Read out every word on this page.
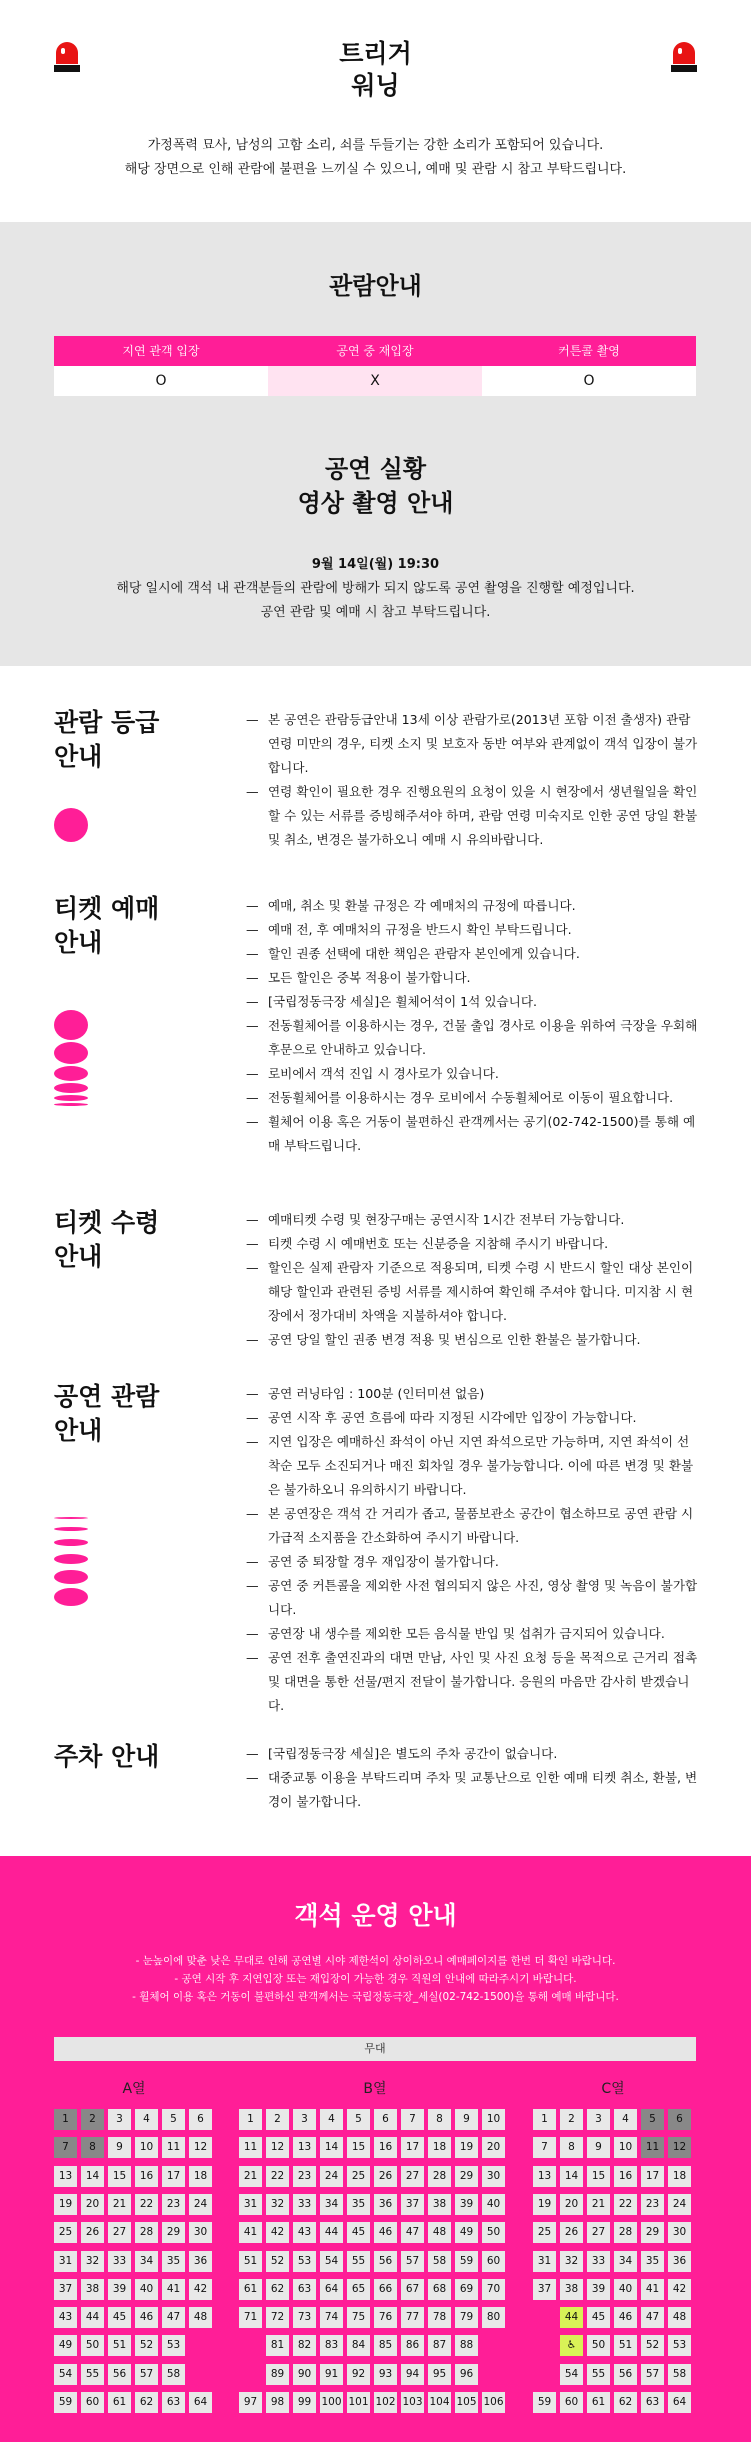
트리거
워닝
가정폭력 묘사, 남성의 고함 소리, 쇠를 두들기는 강한 소리가 포함되어 있습니다.
해당 장면으로 인해 관람에 불편을 느끼실 수 있으니, 예매 및 관람 시 참고 부탁드립니다.
관람안내
지연 관객 입장	공연 중 재입장	커튼콜 촬영
O	X	O
공연 실황
영상 촬영 안내
9월 14일(월) 19:30
해당 일시에 객석 내 관객분들의 관람에 방해가 되지 않도록 공연 촬영을 진행할 예정입니다.
공연 관람 및 예매 시 참고 부탁드립니다.
관람 등급
안내
— 본 공연은 관람등급안내 13세 이상 관람가로(2013년 포함 이전 출생자) 관람 연령 미만의 경우, 티켓 소지 및 보호자 동반 여부와 관계없이 객석 입장이 불가합니다.
— 연령 확인이 필요한 경우 진행요원의 요청이 있을 시 현장에서 생년월일을 확인할 수 있는 서류를 증빙해주셔야 하며, 관람 연령 미숙지로 인한 공연 당일 환불 및 취소, 변경은 불가하오니 예매 시 유의바랍니다.
티켓 예매
안내
— 예매, 취소 및 환불 규정은 각 예매처의 규정에 따릅니다.
— 예매 전, 후 예매처의 규정을 반드시 확인 부탁드립니다.
— 할인 권종 선택에 대한 책임은 관람자 본인에게 있습니다.
— 모든 할인은 중복 적용이 불가합니다.
— [국립정동극장 세실]은 휠체어석이 1석 있습니다.
— 전동휠체어를 이용하시는 경우, 건물 출입 경사로 이용을 위하여 극장을 우회해 후문으로 안내하고 있습니다.
— 로비에서 객석 진입 시 경사로가 있습니다.
— 전동휠체어를 이용하시는 경우 로비에서 수동휠체어로 이동이 필요합니다.
— 휠체어 이용 혹은 거동이 불편하신 관객께서는 공기(02-742-1500)를 통해 예매 부탁드립니다.
티켓 수령
안내
— 예매티켓 수령 및 현장구매는 공연시작 1시간 전부터 가능합니다.
— 티켓 수령 시 예매번호 또는 신분증을 지참해 주시기 바랍니다.
— 할인은 실제 관람자 기준으로 적용되며, 티켓 수령 시 반드시 할인 대상 본인이 해당 할인과 관련된 증빙 서류를 제시하여 확인해 주셔야 합니다. 미지참 시 현장에서 정가대비 차액을 지불하셔야 합니다.
— 공연 당일 할인 권종 변경 적용 및 변심으로 인한 환불은 불가합니다.
공연 관람
안내
— 공연 러닝타임 : 100분 (인터미션 없음)
— 공연 시작 후 공연 흐름에 따라 지정된 시각에만 입장이 가능합니다.
— 지연 입장은 예매하신 좌석이 아닌 지연 좌석으로만 가능하며, 지연 좌석이 선착순 모두 소진되거나 매진 회차일 경우 불가능합니다. 이에 따른 변경 및 환불은 불가하오니 유의하시기 바랍니다.
— 본 공연장은 객석 간 거리가 좁고, 물품보관소 공간이 협소하므로 공연 관람 시 가급적 소지품을 간소화하여 주시기 바랍니다.
— 공연 중 퇴장할 경우 재입장이 불가합니다.
— 공연 중 커튼콜을 제외한 사전 협의되지 않은 사진, 영상 촬영 및 녹음이 불가합니다.
— 공연장 내 생수를 제외한 모든 음식물 반입 및 섭취가 금지되어 있습니다.
— 공연 전후 출연진과의 대면 만남, 사인 및 사진 요청 등을 목적으로 근거리 접촉 및 대면을 통한 선물/편지 전달이 불가합니다. 응원의 마음만 감사히 받겠습니다.
주차 안내
—	[국립정동극장 세실]은 별도의 주차 공간이 없습니다.
— 대중교통 이용을 부탁드리며 주차 및 교통난으로 인한 예매 티켓 취소, 환불, 변경이 불가합니다.
객석 운영 안내
- 눈높이에 맞춘 낮은 무대로 인해 공연별 시야 제한석이 상이하오니 예매페이지를 한번 더 확인 바랍니다.
- 공연 시작 후 지연입장 또는 재입장이 가능한 경우 직원의 안내에 따라주시기 바랍니다.
- 휠체어 이용 혹은 거동이 불편하신 관객께서는 국립정동극장_세실(02-742-1500)을 통해 예매 바랍니다.
무대
A열	B열	C열
1	2	3	4	5	6
7	8	9	10	11	12
13	14	15	16	17	18
19	20	21	22	23	24
25	26	27	28	29	30
31	32	33	34	35	36
37	38	39	40	41	42
43	44	45	46	47	48
49	50	51	52	53
54	55	56	57	58
59	60	61	62	63	64
1	2	3	4	5	6	7	8	9	10
11	12	13	14	15	16	17	18	19	20
21	22	23	24	25	26	27	28	29	30
31	32	33	34	35	36	37	38	39	40
41	42	43	44	45	46	47	48	49	50
51	52	53	54	55	56	57	58	59	60
61	62	63	64	65	66	67	68	69	70
71	72	73	74	75	76	77	78	79	80
81	82	83	84	85	86	87	88
89	90	91	92	93	94	95	96
97	98	99 100 101 102 103 104 105 106
1	2	3	4	5	6
7	8	9	10	11	12
13	14	15	16	17	18
19	20	21	22	23	24
25	26	27	28	29	30
31	32	33	34	35	36
37	38	39	40	41	42
44	45	46	47	48
♿	50	51	52	53
54	55	56	57	58
59	60	61	62	63	64
